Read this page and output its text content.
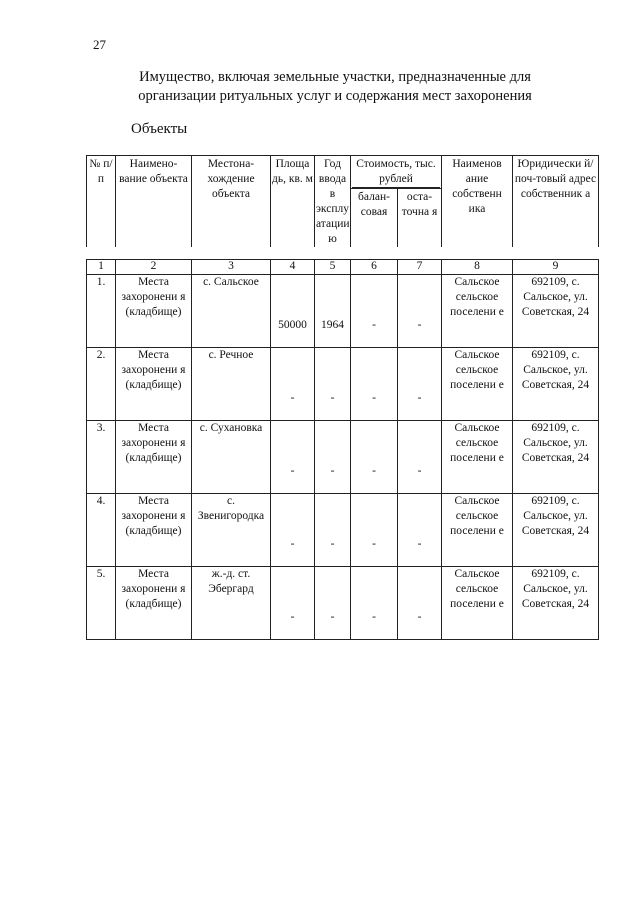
27
Имущество, включая земельные участки, предназначенные для
организации ритуальных услуг и содержания мест захоронения
Объекты
№ п/п	Наимено-вание объекта	Местона-хождение объекта	Площа дь, кв. м	Год ввода в эксплу атации ю	Стоимость, тыс. рублей		Наименов ание собственн ика	Юридически й/поч-товый адрес собственник а
					балан-совая	оста-точна я		
1	2	3	4	5	6	7	8	9
1.	Места захоронени я (кладбище)	с. Сальское	50000	1964	-	-	Сальское сельское поселени е	692109, с. Сальское, ул. Советская, 24
2.	Места захоронени я (кладбище)	с. Речное	-	-	-	-	Сальское сельское поселени е	692109, с. Сальское, ул. Советская, 24
3.	Места захоронени я (кладбище)	с. Сухановка	-	-	-	-	Сальское сельское поселени е	692109, с. Сальское, ул. Советская, 24
4.	Места захоронени я (кладбище)	с. Звенигородка	-	-	-	-	Сальское сельское поселени е	692109, с. Сальское, ул. Советская, 24
5.	Места захоронени я (кладбище)	ж.-д. ст. Эбергард	-	-	-	-	Сальское сельское поселени е	692109, с. Сальское, ул. Советская, 24
